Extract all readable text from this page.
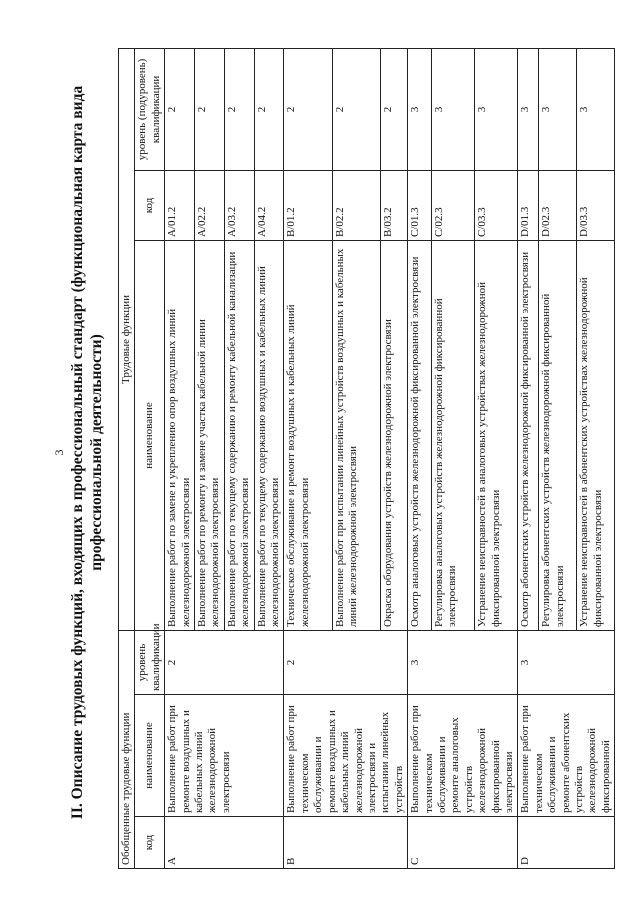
3 II. Описание трудовых функций, входящих в профессиональный стандарт (функциональная карта вида профессиональной деятельности)
Обобщенные трудовые функции			Трудовые функции		
код	наименование	уровень квалификации	наименование	код	уровень (подуровень) квалификации
A	Выполнение работ при ремонте воздушных и кабельных линий железнодорожной электросвязи	2	Выполнение работ по замене и укреплению опор воздушных линий железнодорожной электросвязи	A/01.2	2
			Выполнение работ по ремонту и замене участка кабельной линии железнодорожной электросвязи	A/02.2	2
			Выполнение работ по текущему содержанию и ремонту кабельной канализации железнодорожной электросвязи	A/03.2	2
			Выполнение работ по текущему содержанию воздушных и кабельных линий железнодорожной электросвязи	A/04.2	2
B	Выполнение работ при техническом обслуживании и ремонте воздушных и кабельных линий железнодорожной электросвязи и испытании линейных устройств	2	Техническое обслуживание и ремонт воздушных и кабельных линий железнодорожной электросвязи	B/01.2	2
			Выполнение работ при испытании линейных устройств воздушных и кабельных линий железнодорожной электросвязи	B/02.2	2
			Окраска оборудования устройств железнодорожной электросвязи	B/03.2	2
C	Выполнение работ при техническом обслуживании и ремонте аналоговых устройств железнодорожной фиксированной электросвязи	3	Осмотр аналоговых устройств железнодорожной фиксированной электросвязи	C/01.3	3
			Регулировка аналоговых устройств железнодорожной фиксированной электросвязи	C/02.3	3
			Устранение неисправностей в аналоговых устройствах железнодорожной фиксированной электросвязи	C/03.3	3
D	Выполнение работ при техническом обслуживании и ремонте абонентских устройств железнодорожной фиксированной	3	Осмотр абонентских устройств железнодорожной фиксированной электросвязи	D/01.3	3
			Регулировка абонентских устройств железнодорожной фиксированной электросвязи	D/02.3	3
			Устранение неисправностей в абонентских устройствах железнодорожной фиксированной электросвязи	D/03.3	3
